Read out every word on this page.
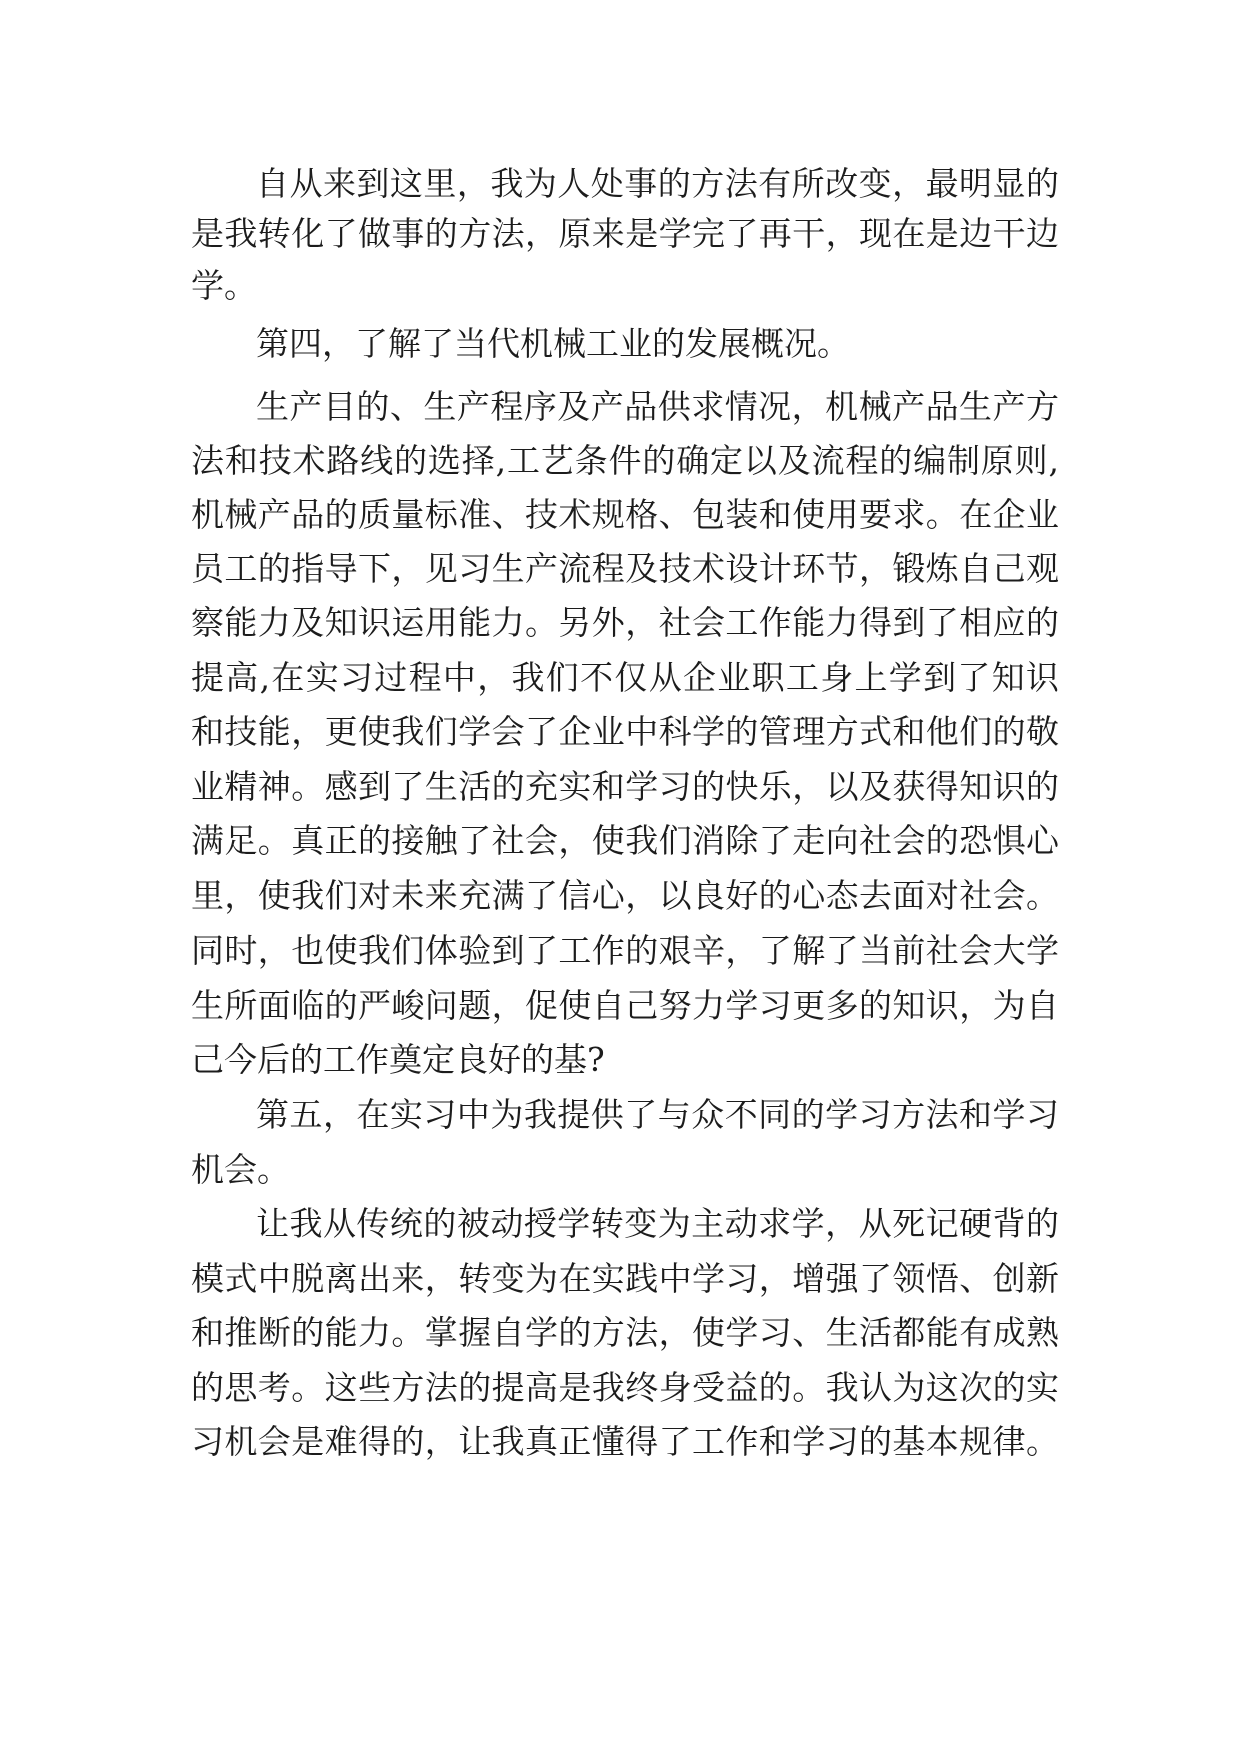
自从来到这里，我为人处事的方法有所改变，最明显的
是我转化了做事的方法，原来是学完了再干，现在是边干边
学。
第四，了解了当代机械工业的发展概况。
生产目的、生产程序及产品供求情况，机械产品生产方
法和技术路线的选择,工艺条件的确定以及流程的编制原则,
机械产品的质量标准、技术规格、包装和使用要求。在企业
员工的指导下，见习生产流程及技术设计环节，锻炼自己观
察能力及知识运用能力。另外，社会工作能力得到了相应的
提高,在实习过程中，我们不仅从企业职工身上学到了知识
和技能，更使我们学会了企业中科学的管理方式和他们的敬
业精神。感到了生活的充实和学习的快乐，以及获得知识的
满足。真正的接触了社会，使我们消除了走向社会的恐惧心
里，使我们对未来充满了信心，以良好的心态去面对社会。
同时，也使我们体验到了工作的艰辛，了解了当前社会大学
生所面临的严峻问题，促使自己努力学习更多的知识，为自
己今后的工作奠定良好的基?
第五，在实习中为我提供了与众不同的学习方法和学习
机会。
让我从传统的被动授学转变为主动求学，从死记硬背的
模式中脱离出来，转变为在实践中学习，增强了领悟、创新
和推断的能力。掌握自学的方法，使学习、生活都能有成熟
的思考。这些方法的提高是我终身受益的。我认为这次的实
习机会是难得的，让我真正懂得了工作和学习的基本规律。
